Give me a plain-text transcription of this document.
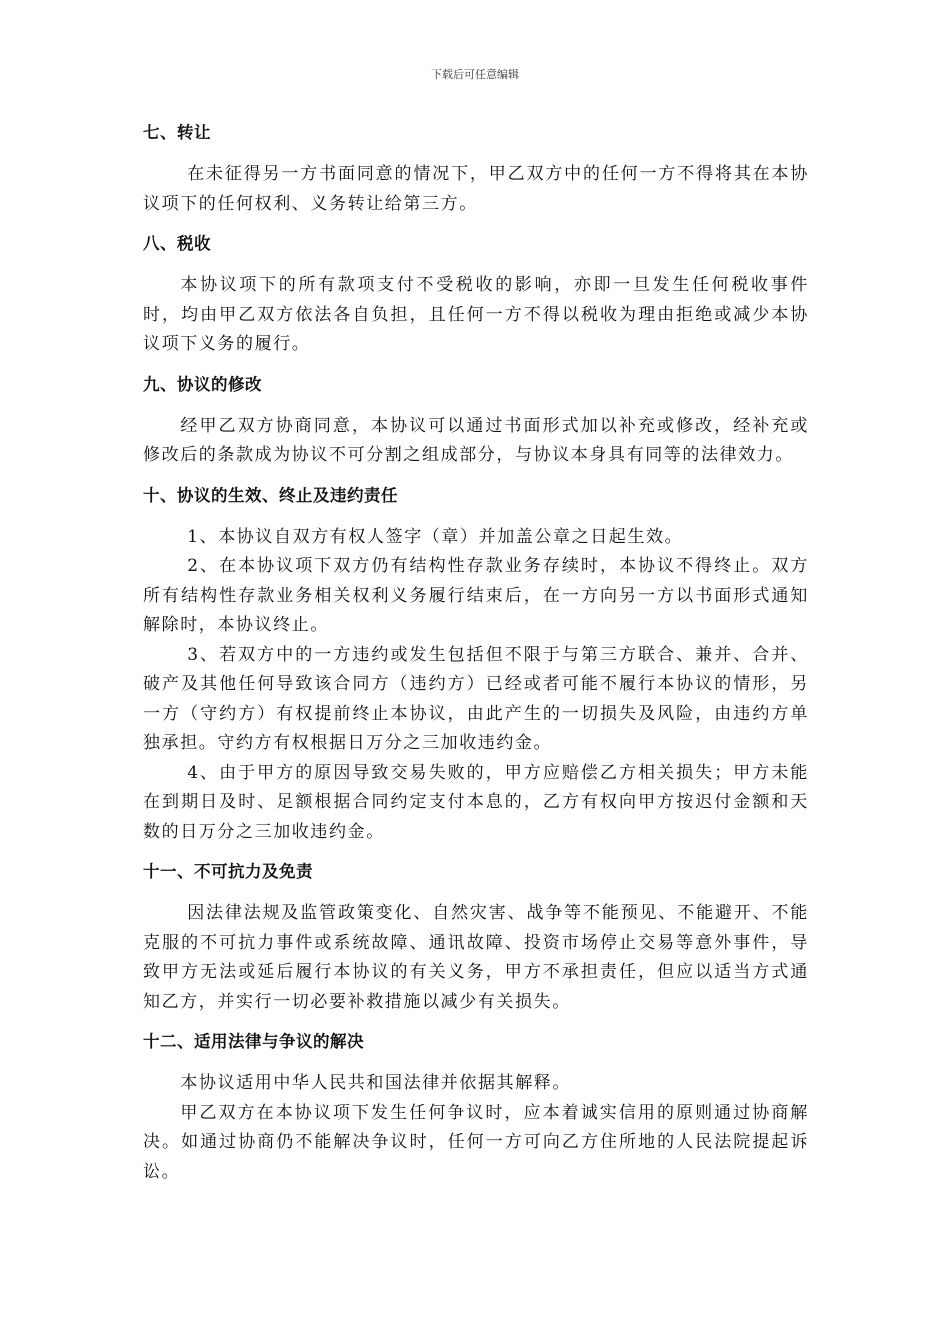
下载后可任意编辑
七、转让

在未征得另一方书面同意的情况下，甲乙双方中的任何一方不得将其在本协议项下的任何权利、义务转让给第三方。

八、税收

本协议项下的所有款项支付不受税收的影响，亦即一旦发生任何税收事件时，均由甲乙双方依法各自负担，且任何一方不得以税收为理由拒绝或减少本协议项下义务的履行。

九、协议的修改

经甲乙双方协商同意，本协议可以通过书面形式加以补充或修改，经补充或修改后的条款成为协议不可分割之组成部分，与协议本身具有同等的法律效力。

十、协议的生效、终止及违约责任

1、本协议自双方有权人签字（章）并加盖公章之日起生效。

2、在本协议项下双方仍有结构性存款业务存续时，本协议不得终止。双方所有结构性存款业务相关权利义务履行结束后，在一方向另一方以书面形式通知解除时，本协议终止。

3、若双方中的一方违约或发生包括但不限于与第三方联合、兼并、合并、破产及其他任何导致该合同方（违约方）已经或者可能不履行本协议的情形，另一方（守约方）有权提前终止本协议，由此产生的一切损失及风险，由违约方单独承担。守约方有权根据日万分之三加收违约金。

4、由于甲方的原因导致交易失败的，甲方应赔偿乙方相关损失；甲方未能在到期日及时、足额根据合同约定支付本息的，乙方有权向甲方按迟付金额和天数的日万分之三加收违约金。

十一、不可抗力及免责

因法律法规及监管政策变化、自然灾害、战争等不能预见、不能避开、不能克服的不可抗力事件或系统故障、通讯故障、投资市场停止交易等意外事件，导致甲方无法或延后履行本协议的有关义务，甲方不承担责任，但应以适当方式通知乙方，并实行一切必要补救措施以减少有关损失。

十二、适用法律与争议的解决

本协议适用中华人民共和国法律并依据其解释。

甲乙双方在本协议项下发生任何争议时，应本着诚实信用的原则通过协商解决。如通过协商仍不能解决争议时，任何一方可向乙方住所地的人民法院提起诉讼。
